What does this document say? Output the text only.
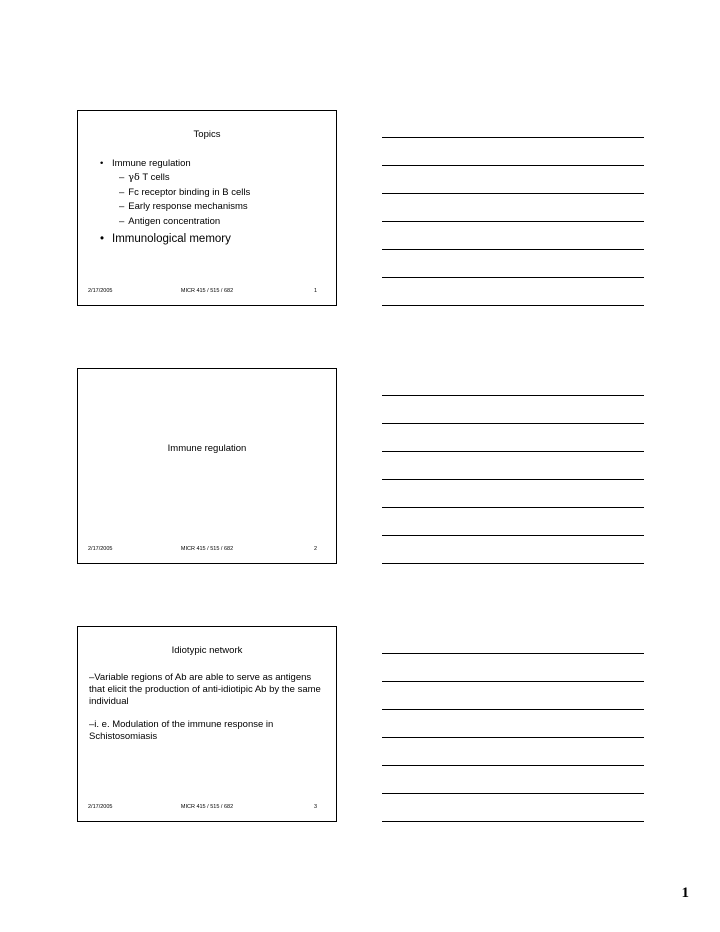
Topics
• Immune regulation
– γδ T cells
– Fc receptor binding in B cells
– Early response mechanisms
– Antigen concentration
• Immunological memory
2/17/2005	MICR 415 / 515 / 682	1
Immune regulation
2/17/2005	MICR 415 / 515 / 682	2
Idiotypic network
–Variable regions of Ab are able to serve as antigens that elicit the production of anti-idiotipic Ab by the same individual
–i. e. Modulation of the immune response in Schistosomiasis
2/17/2005	MICR 415 / 515 / 682	3
1
